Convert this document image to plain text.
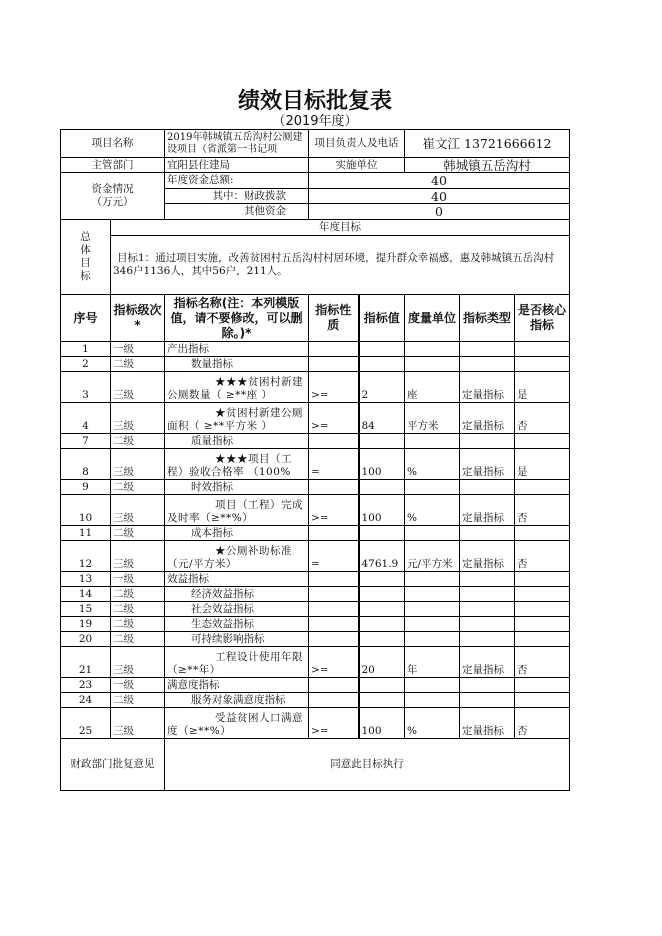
绩效目标批复表
（2019年度）
项目名称		2019年韩城镇五岳沟村公厕建设项目（省派第一书记项	项目负责人及电话		崔文江 13721666612		
主管部门		宜阳县住建局	实施单位		韩城镇五岳沟村		
资金情况（万元）		年度资金总额:	40				
		其中：财政拨款	40				
		其他资金	0				
总体目标	年度目标						
	目标1：通过项目实施，改善贫困村五岳沟村村居环境，提升群众幸福感，惠及韩城镇五岳沟村346户1136人，其中56户，211人。						
序号	指标级次*	指标名称(注：本列模版值，请不要修改，可以删除。)*	指标性质	指标值	度量单位	指标类型	是否核心指标
1	一级	产出指标					
2	二级	数量指标					
3	三级	★★★贫困村新建公厕数量（ ≥**座 ）	>=	2	座	定量指标	是
4	三级	★贫困村新建公厕面积（ ≥**平方米 ）	>=	84	平方米	定量指标	否
7	二级	质量指标					
8	三级	★★★项目（工程）验收合格率 （100%	=	100	%	定量指标	是
9	二级	时效指标					
10	三级	项目（工程）完成及时率（≥**%）	>=	100	%	定量指标	否
11	二级	成本指标					
12	三级	★公厕补助标准（元/平方米）	=	4761.9	元/平方米	定量指标	否
13	一级	效益指标					
14	二级	经济效益指标					
15	二级	社会效益指标					
19	二级	生态效益指标					
20	二级	可持续影响指标					
21	三级	工程设计使用年限（≥**年）	>=	20	年	定量指标	否
23	一级	满意度指标					
24	二级	服务对象满意度指标					
25	三级	受益贫困人口满意度（≥**%）	>=	100	%	定量指标	否
财政部门批复意见		同意此目标执行					
